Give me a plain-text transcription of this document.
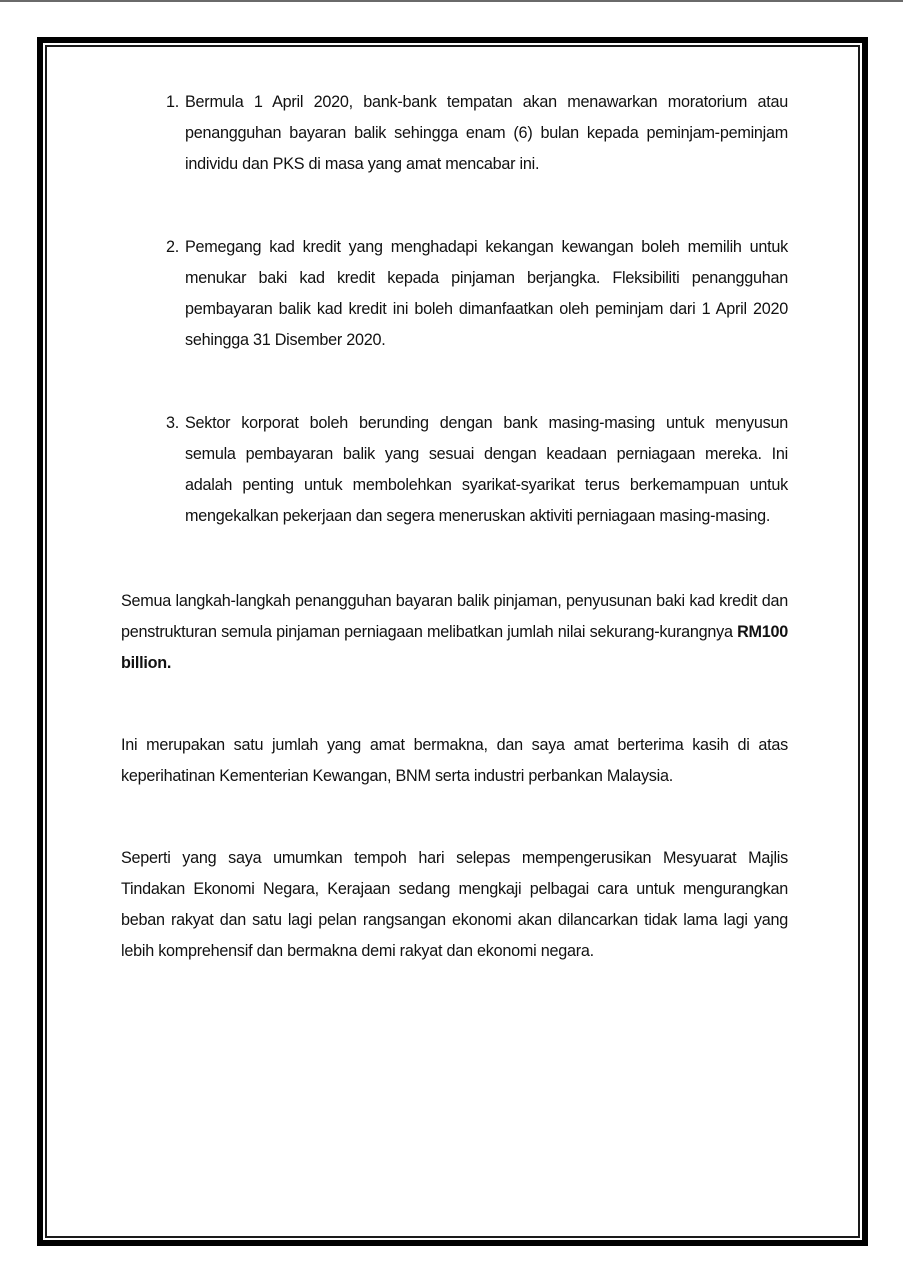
1. Bermula 1 April 2020, bank-bank tempatan akan menawarkan moratorium atau penangguhan bayaran balik sehingga enam (6) bulan kepada peminjam-peminjam individu dan PKS di masa yang amat mencabar ini.
2. Pemegang kad kredit yang menghadapi kekangan kewangan boleh memilih untuk menukar baki kad kredit kepada pinjaman berjangka. Fleksibiliti penangguhan pembayaran balik kad kredit ini boleh dimanfaatkan oleh peminjam dari 1 April 2020 sehingga 31 Disember 2020.
3. Sektor korporat boleh berunding dengan bank masing-masing untuk menyusun semula pembayaran balik yang sesuai dengan keadaan perniagaan mereka. Ini adalah penting untuk membolehkan syarikat-syarikat terus berkemampuan untuk mengekalkan pekerjaan dan segera meneruskan aktiviti perniagaan masing-masing.

Semua langkah-langkah penangguhan bayaran balik pinjaman, penyusunan baki kad kredit dan penstrukturan semula pinjaman perniagaan melibatkan jumlah nilai sekurang-kurangnya RM100 billion.

Ini merupakan satu jumlah yang amat bermakna, dan saya amat berterima kasih di atas keperihatinan Kementerian Kewangan, BNM serta industri perbankan Malaysia.

Seperti yang saya umumkan tempoh hari selepas mempengerusikan Mesyuarat Majlis Tindakan Ekonomi Negara, Kerajaan sedang mengkaji pelbagai cara untuk mengurangkan beban rakyat dan satu lagi pelan rangsangan ekonomi akan dilancarkan tidak lama lagi yang lebih komprehensif dan bermakna demi rakyat dan ekonomi negara.
